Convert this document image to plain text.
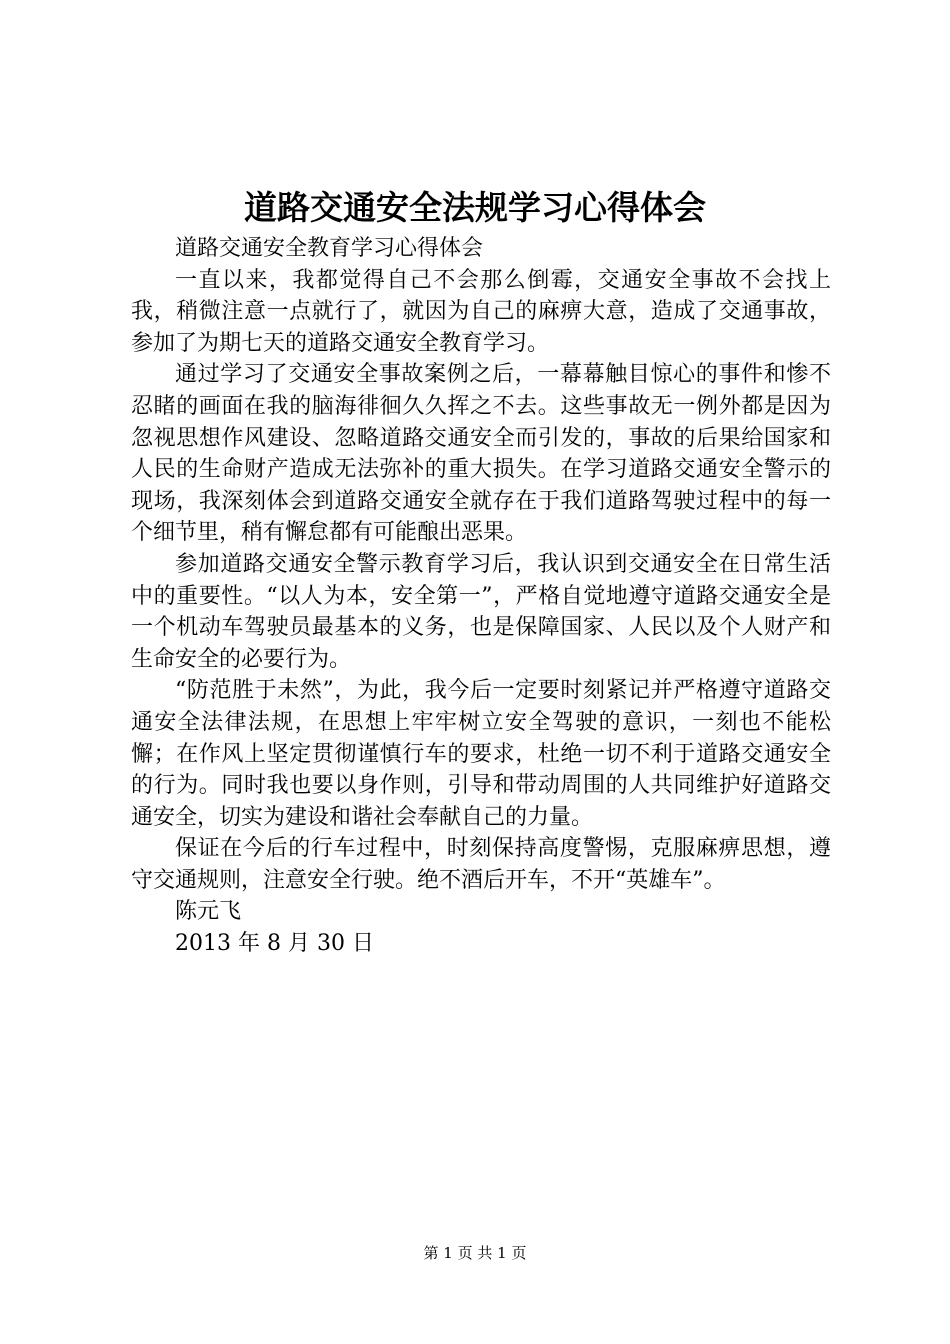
道路交通安全法规学习心得体会

道路交通安全教育学习心得体会

一直以来，我都觉得自己不会那么倒霉，交通安全事故不会找上我，稍微注意一点就行了，就因为自己的麻痹大意，造成了交通事故，参加了为期七天的道路交通安全教育学习。

通过学习了交通安全事故案例之后，一幕幕触目惊心的事件和惨不忍睹的画面在我的脑海徘徊久久挥之不去。这些事故无一例外都是因为忽视思想作风建设、忽略道路交通安全而引发的，事故的后果给国家和人民的生命财产造成无法弥补的重大损失。在学习道路交通安全警示的现场，我深刻体会到道路交通安全就存在于我们道路驾驶过程中的每一个细节里，稍有懈怠都有可能酿出恶果。

参加道路交通安全警示教育学习后，我认识到交通安全在日常生活中的重要性。“以人为本，安全第一”，严格自觉地遵守道路交通安全是一个机动车驾驶员最基本的义务，也是保障国家、人民以及个人财产和生命安全的必要行为。

“防范胜于未然”，为此，我今后一定要时刻紧记并严格遵守道路交通安全法律法规，在思想上牢牢树立安全驾驶的意识，一刻也不能松懈；在作风上坚定贯彻谨慎行车的要求，杜绝一切不利于道路交通安全的行为。同时我也要以身作则，引导和带动周围的人共同维护好道路交通安全，切实为建设和谐社会奉献自己的力量。

保证在今后的行车过程中，时刻保持高度警惕，克服麻痹思想，遵守交通规则，注意安全行驶。绝不酒后开车，不开“英雄车”。

陈元飞

2013 年 8 月 30 日

第 1 页 共 1 页
